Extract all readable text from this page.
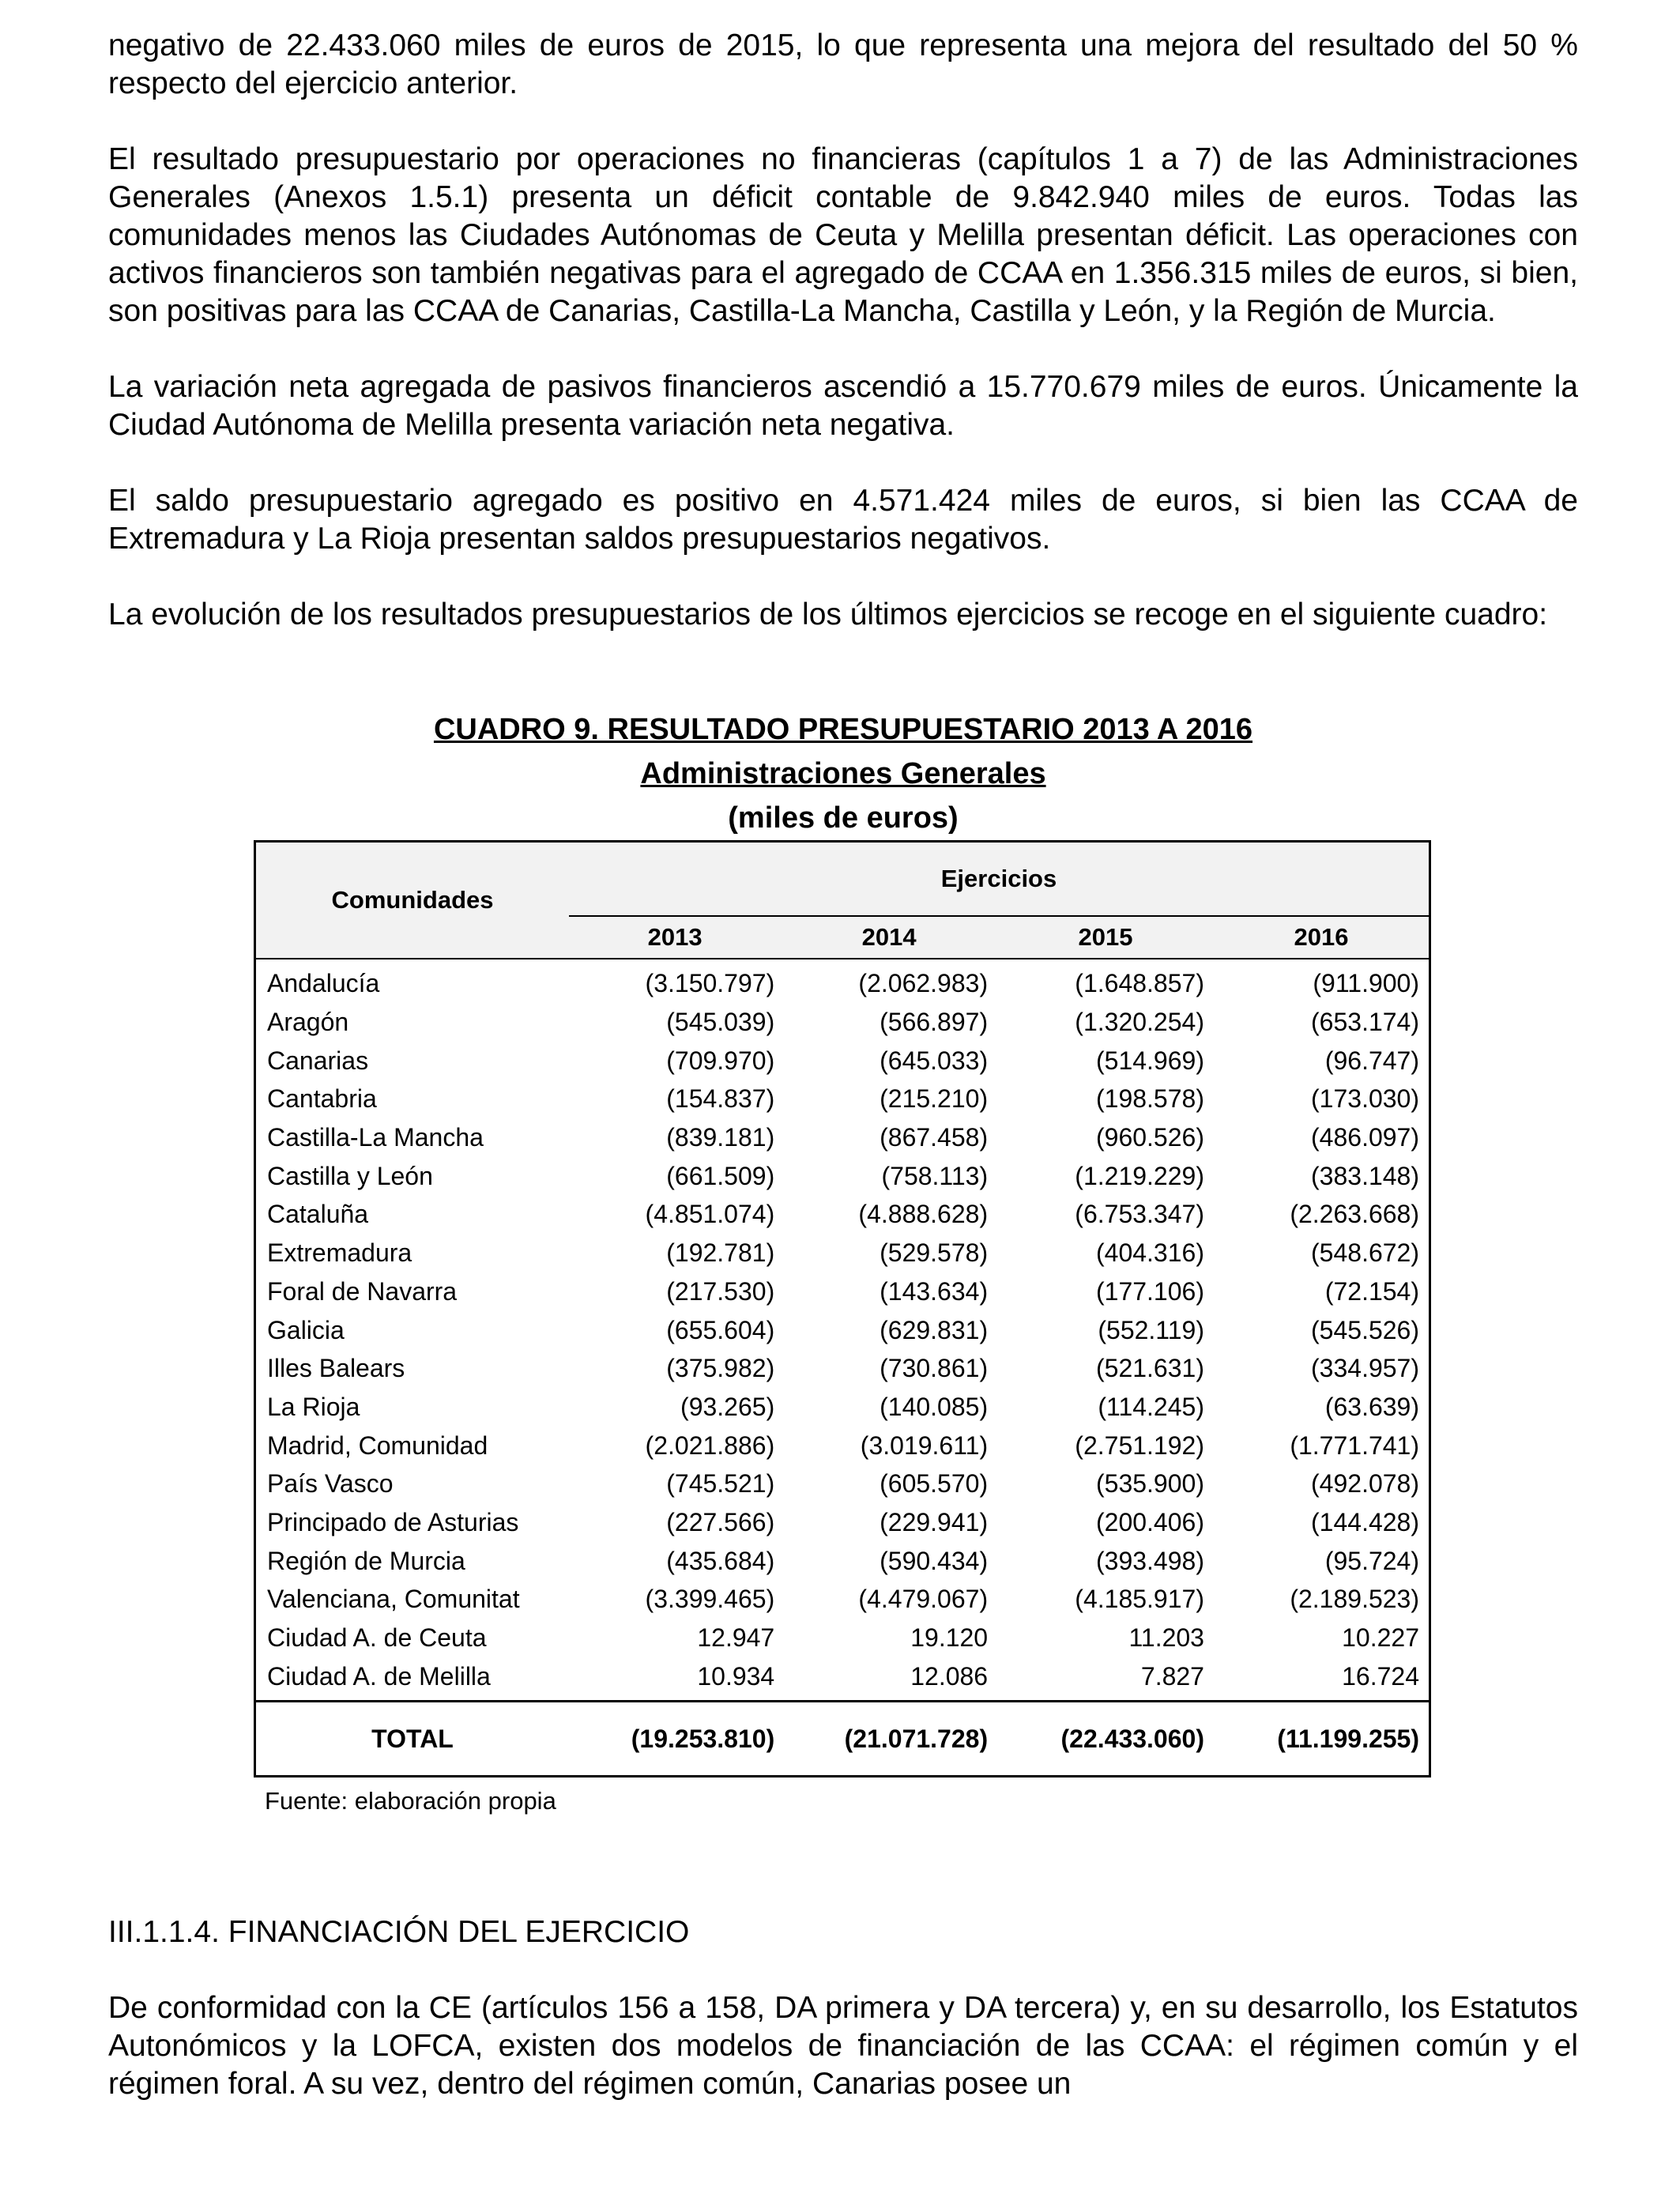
negativo de 22.433.060 miles de euros de 2015, lo que representa una mejora del resultado del 50 % respecto del ejercicio anterior.

El resultado presupuestario por operaciones no financieras (capítulos 1 a 7) de las Administraciones Generales (Anexos 1.5.1) presenta un déficit contable de 9.842.940 miles de euros. Todas las comunidades menos las Ciudades Autónomas de Ceuta y Melilla presentan déficit. Las operaciones con activos financieros son también negativas para el agregado de CCAA en 1.356.315 miles de euros, si bien, son positivas para las CCAA de Canarias, Castilla-La Mancha, Castilla y León, y la Región de Murcia.

La variación neta agregada de pasivos financieros ascendió a 15.770.679 miles de euros. Únicamente la Ciudad Autónoma de Melilla presenta variación neta negativa.

El saldo presupuestario agregado es positivo en 4.571.424 miles de euros, si bien las CCAA de Extremadura y La Rioja presentan saldos presupuestarios negativos.

La evolución de los resultados presupuestarios de los últimos ejercicios se recoge en el siguiente cuadro:

CUADRO 9. RESULTADO PRESUPUESTARIO 2013 A 2016
Administraciones Generales
(miles de euros)
Comunidades	Ejercicios			
	2013	2014	2015	2016
Andalucía	(3.150.797)	(2.062.983)	(1.648.857)	(911.900)
Aragón	(545.039)	(566.897)	(1.320.254)	(653.174)
Canarias	(709.970)	(645.033)	(514.969)	(96.747)
Cantabria	(154.837)	(215.210)	(198.578)	(173.030)
Castilla-La Mancha	(839.181)	(867.458)	(960.526)	(486.097)
Castilla y León	(661.509)	(758.113)	(1.219.229)	(383.148)
Cataluña	(4.851.074)	(4.888.628)	(6.753.347)	(2.263.668)
Extremadura	(192.781)	(529.578)	(404.316)	(548.672)
Foral de Navarra	(217.530)	(143.634)	(177.106)	(72.154)
Galicia	(655.604)	(629.831)	(552.119)	(545.526)
Illes Balears	(375.982)	(730.861)	(521.631)	(334.957)
La Rioja	(93.265)	(140.085)	(114.245)	(63.639)
Madrid, Comunidad	(2.021.886)	(3.019.611)	(2.751.192)	(1.771.741)
País Vasco	(745.521)	(605.570)	(535.900)	(492.078)
Principado de Asturias	(227.566)	(229.941)	(200.406)	(144.428)
Región de Murcia	(435.684)	(590.434)	(393.498)	(95.724)
Valenciana, Comunitat	(3.399.465)	(4.479.067)	(4.185.917)	(2.189.523)
Ciudad A. de Ceuta	12.947	19.120	11.203	10.227
Ciudad A. de Melilla	10.934	12.086	7.827	16.724
TOTAL	(19.253.810)	(21.071.728)	(22.433.060)	(11.199.255)
Fuente: elaboración propia
III.1.1.4. FINANCIACIÓN DEL EJERCICIO

De conformidad con la CE (artículos 156 a 158, DA primera y DA tercera) y, en su desarrollo, los Estatutos Autonómicos y la LOFCA, existen dos modelos de financiación de las CCAA: el régimen común y el régimen foral. A su vez, dentro del régimen común, Canarias posee un
